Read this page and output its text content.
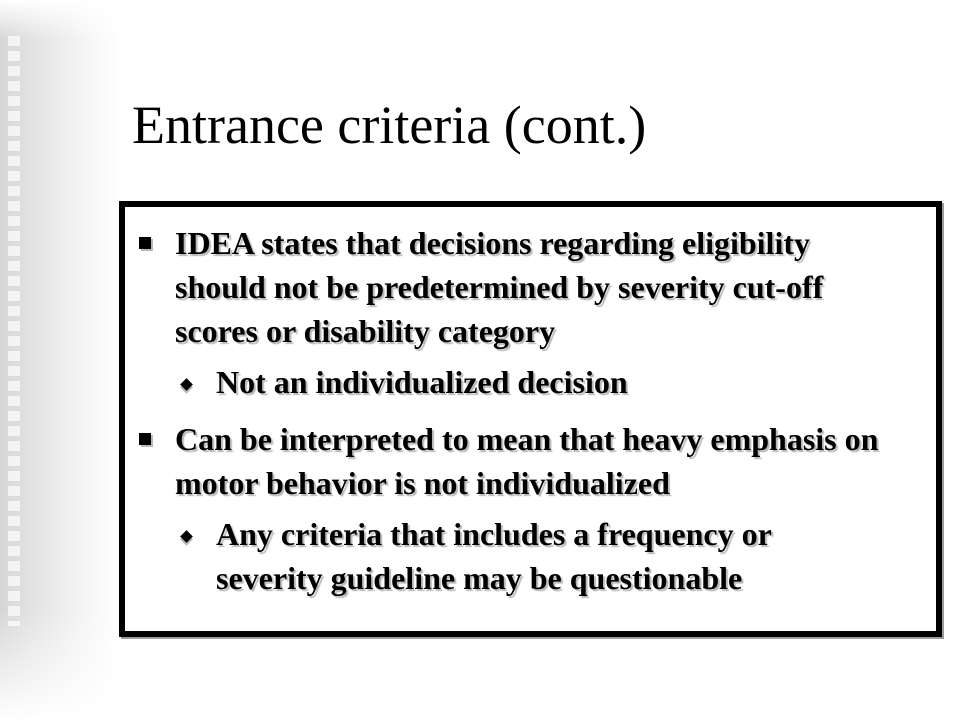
Entrance criteria (cont.)
IDEA states that decisions regarding eligibility should not be predetermined by severity cut-off scores or disability category
Not an individualized decision
Can be interpreted to mean that heavy emphasis on motor behavior is not individualized
Any criteria that includes a frequency or severity guideline may be questionable
